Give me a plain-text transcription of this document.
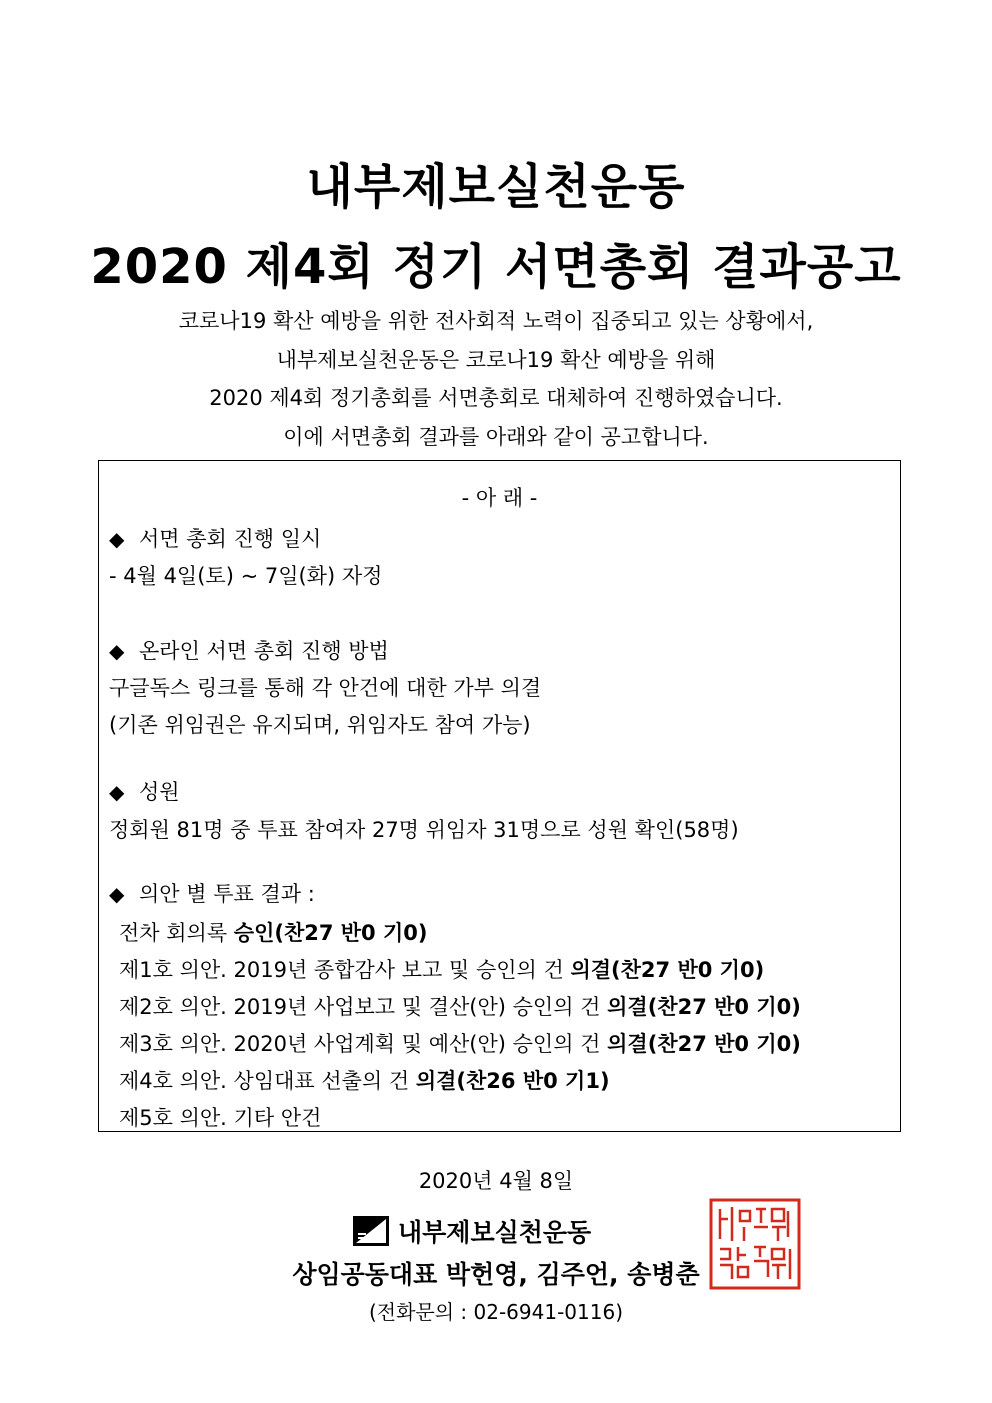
내부제보실천운동
2020 제4회 정기 서면총회 결과공고
코로나19 확산 예방을 위한 전사회적 노력이 집중되고 있는 상황에서,
내부제보실천운동은 코로나19 확산 예방을 위해
2020 제4회 정기총회를 서면총회로 대체하여 진행하였습니다.
이에 서면총회 결과를 아래와 같이 공고합니다.
- 아 래 -
◆ 서면 총회 진행 일시
- 4월 4일(토) ~ 7일(화) 자정
◆ 온라인 서면 총회 진행 방법
구글독스 링크를 통해 각 안건에 대한 가부 의결
(기존 위임권은 유지되며, 위임자도 참여 가능)
◆ 성원
정회원 81명 중 투표 참여자 27명 위임자 31명으로 성원 확인(58명)
◆ 의안 별 투표 결과 :
전차 회의록 승인(찬27 반0 기0)
제1호 의안. 2019년 종합감사 보고 및 승인의 건 의결(찬27 반0 기0)
제2호 의안. 2019년 사업보고 및 결산(안) 승인의 건 의결(찬27 반0 기0)
제3호 의안. 2020년 사업계획 및 예산(안) 승인의 건 의결(찬27 반0 기0)
제4호 의안. 상임대표 선출의 건 의결(찬26 반0 기1)
제5호 의안. 기타 안건
2020년 4월 8일
내부제보실천운동
상임공동대표 박헌영, 김주언, 송병춘
(전화문의 : 02-6941-0116)
